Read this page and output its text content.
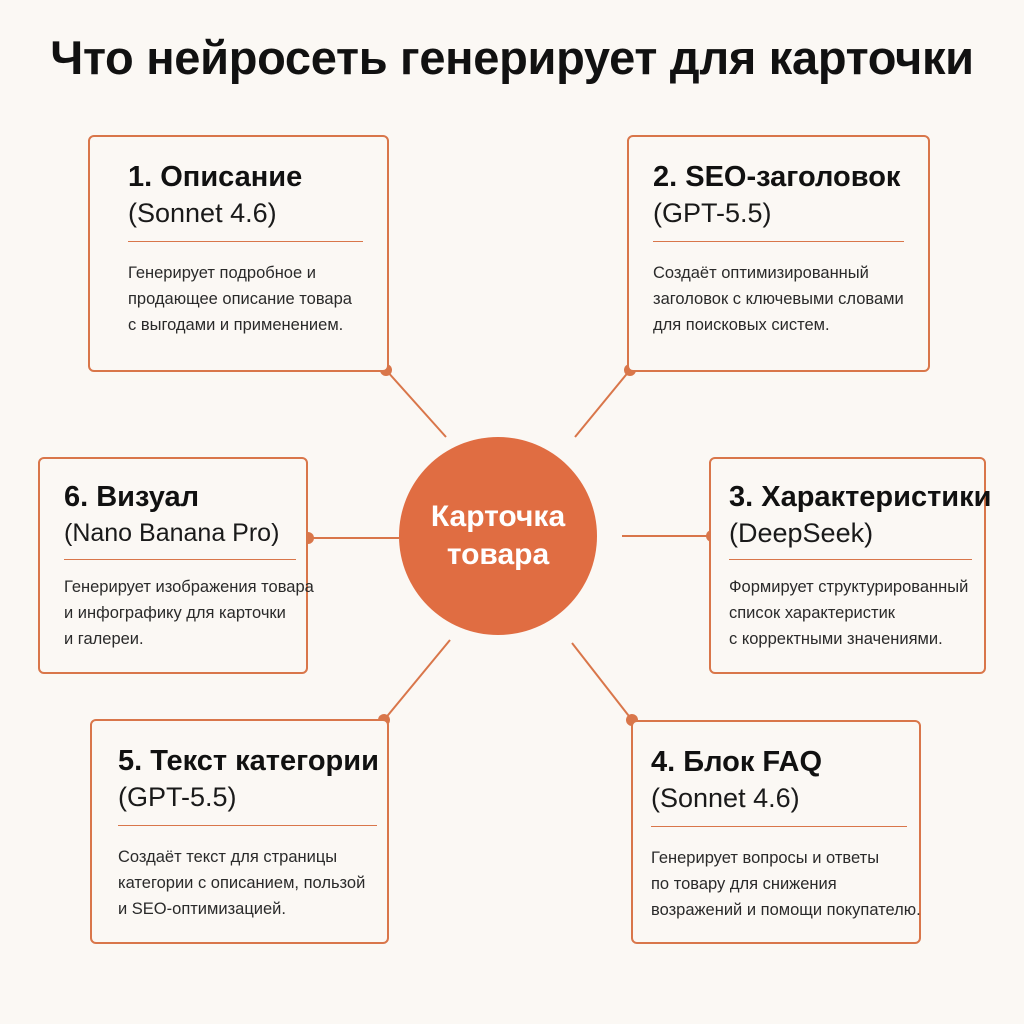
Что нейросеть генерирует для карточки
Карточка
товара
1. Описание
(Sonnet 4.6)
Генерирует подробное и
продающее описание товара
с выгодами и применением.
2. SEO-заголовок
(GPT-5.5)
Создаёт оптимизированный
заголовок с ключевыми словами
для поисковых систем.
3. Характеристики
(DeepSeek)
Формирует структурированный
список характеристик
с корректными значениями.
4. Блок FAQ
(Sonnet 4.6)
Генерирует вопросы и ответы
по товару для снижения
возражений и помощи покупателю.
5. Текст категории
(GPT-5.5)
Создаёт текст для страницы
категории с описанием, пользой
и SEO-оптимизацией.
6. Визуал
(Nano Banana Pro)
Генерирует изображения товара
и инфографику для карточки
и галереи.
